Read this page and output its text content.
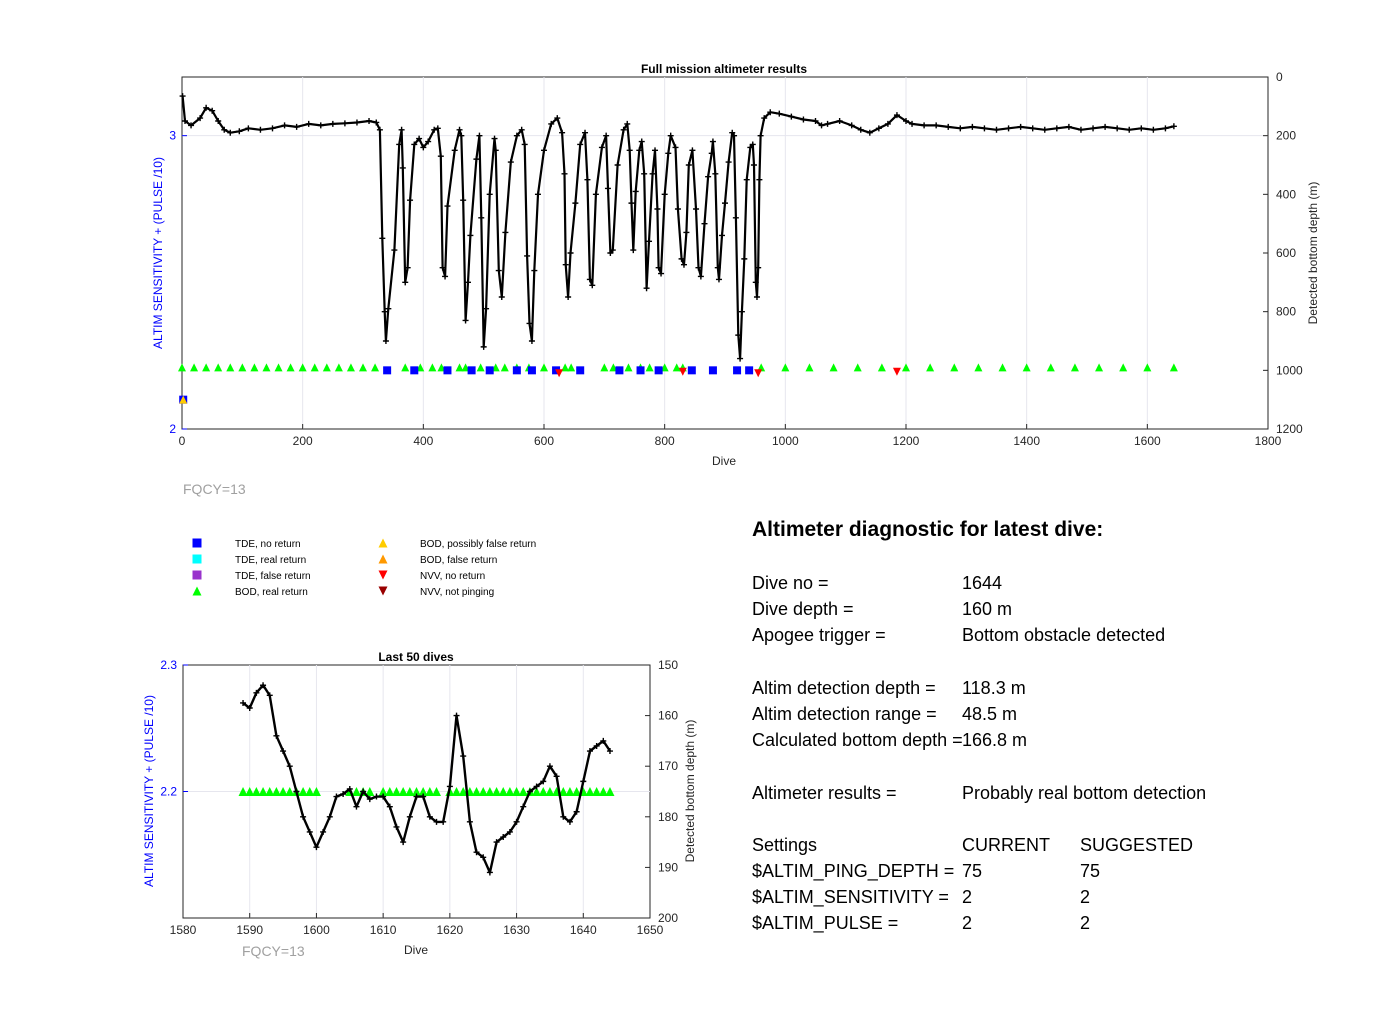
Full mission altimeter results
Dive
ALTIM SENSITIVITY + (PULSE /10)	Detected bottom depth (m)
FQCY=13
0	200	400	600	800	1000	1200	1400	1600	1800
2
3
0
200
400
600
800
1000
1200
TDE, no return
TDE, real return
TDE, false return
BOD, real return
BOD, possibly false return
BOD, false return
NVV, no return
NVV, not pinging
Last 50 dives
Dive
ALTIM SENSITIVITY + (PULSE /10)	Detected bottom depth (m)
FQCY=13
1580	1590	1600	1610	1620	1630	1640	1650
2.2
2.3	150
160
170
180
190
200
Altimeter diagnostic for latest dive:
Dive no =	1644
Dive depth =	160 m
Apogee trigger =	Bottom obstacle detected
Altim detection depth = 118.3 m
Altim detection range = 48.5 m
Calculated bottom depth = 166.8 m
Altimeter results =	Probably real bottom detection
Settings	CURRENT SUGGESTED
$ALTIM_PING_DEPTH = 75	75
$ALTIM_SENSITIVITY = 2	2
$ALTIM_PULSE =	2	2
